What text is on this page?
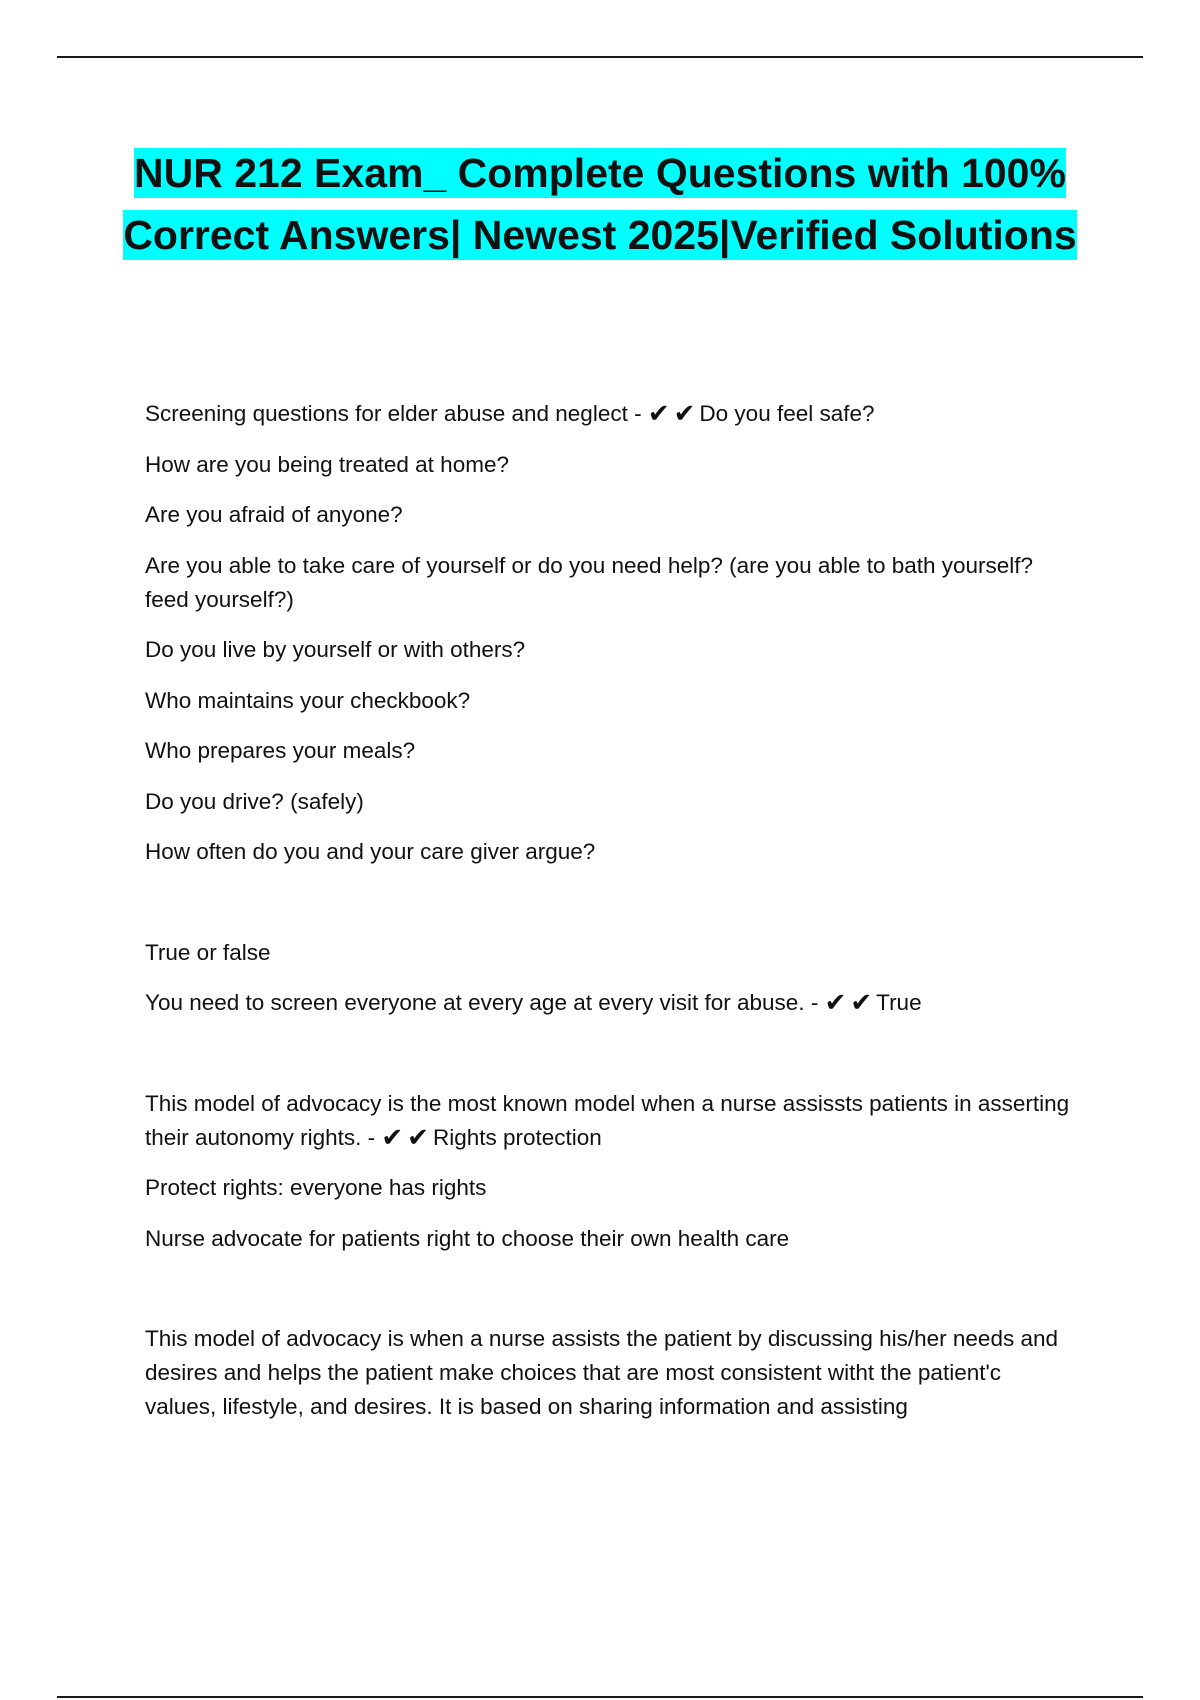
NUR 212 Exam_ Complete Questions with 100% Correct Answers| Newest 2025|Verified Solutions
Screening questions for elder abuse and neglect - ✔ ✔ Do you feel safe?
How are you being treated at home?
Are you afraid of anyone?
Are you able to take care of yourself or do you need help? (are you able to bath yourself? feed yourself?)
Do you live by yourself or with others?
Who maintains your checkbook?
Who prepares your meals?
Do you drive? (safely)
How often do you and your care giver argue?
True or false
You need to screen everyone at every age at every visit for abuse. - ✔ ✔ True
This model of advocacy is the most known model when a nurse assissts patients in asserting their autonomy rights. - ✔ ✔ Rights protection
Protect rights: everyone has rights
Nurse advocate for patients right to choose their own health care
This model of advocacy is when a nurse assists the patient by discussing his/her needs and desires and helps the patient make choices that are most consistent witht the patient'c values, lifestyle, and desires. It is based on sharing information and assisting
